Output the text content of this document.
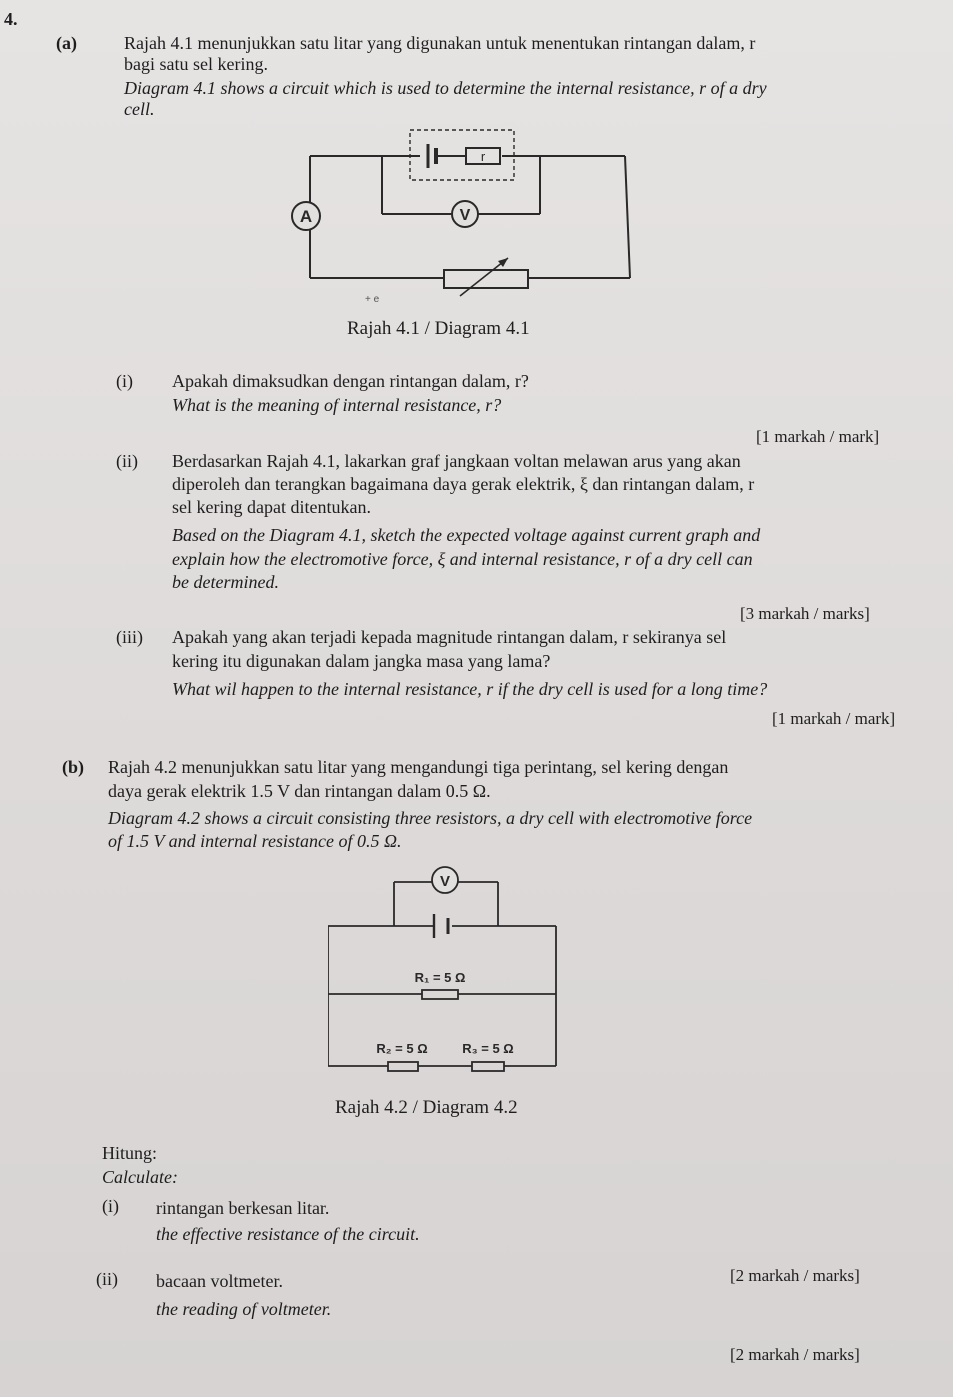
4.
(a)	Rajah 4.1 menunjukkan satu litar yang digunakan untuk menentukan rintangan dalam, r
bagi satu sel kering.
Diagram 4.1 shows a circuit which is used to determine the internal resistance, r of a dry
cell.
A	V
r
+ e
Rajah 4.1 / Diagram 4.1
(i) Apakah dimaksudkan dengan rintangan dalam, r?
What is the meaning of internal resistance, r?
[1 markah / mark]
(ii) Berdasarkan Rajah 4.1, lakarkan graf jangkaan voltan melawan arus yang akan
diperoleh dan terangkan bagaimana daya gerak elektrik, ξ dan rintangan dalam, r
sel kering dapat ditentukan.
Based on the Diagram 4.1, sketch the expected voltage against current graph and
explain how the electromotive force, ξ and internal resistance, r of a dry cell can
be determined.
[3 markah / marks]
(iii) Apakah yang akan terjadi kepada magnitude rintangan dalam, r sekiranya sel
kering itu digunakan dalam jangka masa yang lama?
What wil happen to the internal resistance, r if the dry cell is used for a long time?
[1 markah / mark]
(b) Rajah 4.2 menunjukkan satu litar yang mengandungi tiga perintang, sel kering dengan
daya gerak elektrik 1.5 V dan rintangan dalam 0.5 Ω.
Diagram 4.2 shows a circuit consisting three resistors, a dry cell with electromotive force
of 1.5 V and internal resistance of 0.5 Ω.
V
R₁ = 5 Ω
R₂ = 5 Ω	R₃ = 5 Ω
Rajah 4.2 / Diagram 4.2
Hitung:
Calculate:
(i) rintangan berkesan litar.
the effective resistance of the circuit.
[2 markah / marks]
(ii) bacaan voltmeter.
the reading of voltmeter.
[2 markah / marks]
